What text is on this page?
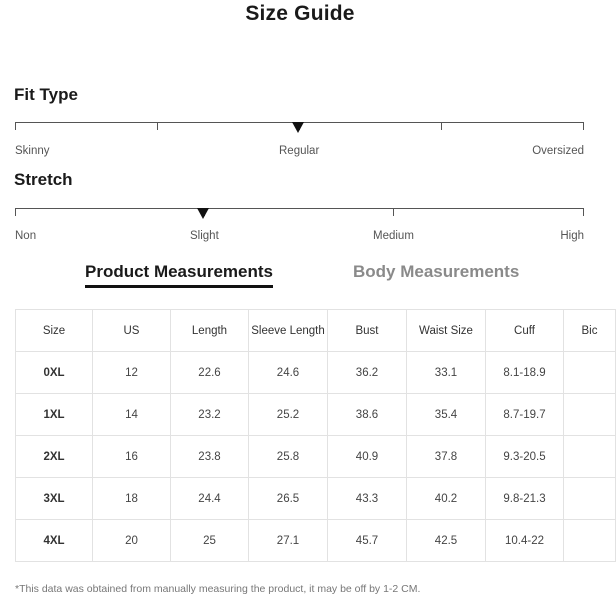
Size Guide
Fit Type
Skinny	Regular	Oversized
Stretch
Non	Slight	Medium	High
Product Measurements	Body Measurements
Size	US	Length	Sleeve Length	Bust	Waist Size	Cuff	Bic
0XL	12	22.6	24.6	36.2	33.1	8.1-18.9	
1XL	14	23.2	25.2	38.6	35.4	8.7-19.7	
2XL	16	23.8	25.8	40.9	37.8	9.3-20.5	
3XL	18	24.4	26.5	43.3	40.2	9.8-21.3	
4XL	20	25	27.1	45.7	42.5	10.4-22	
*This data was obtained from manually measuring the product, it may be off by 1-2 CM.
